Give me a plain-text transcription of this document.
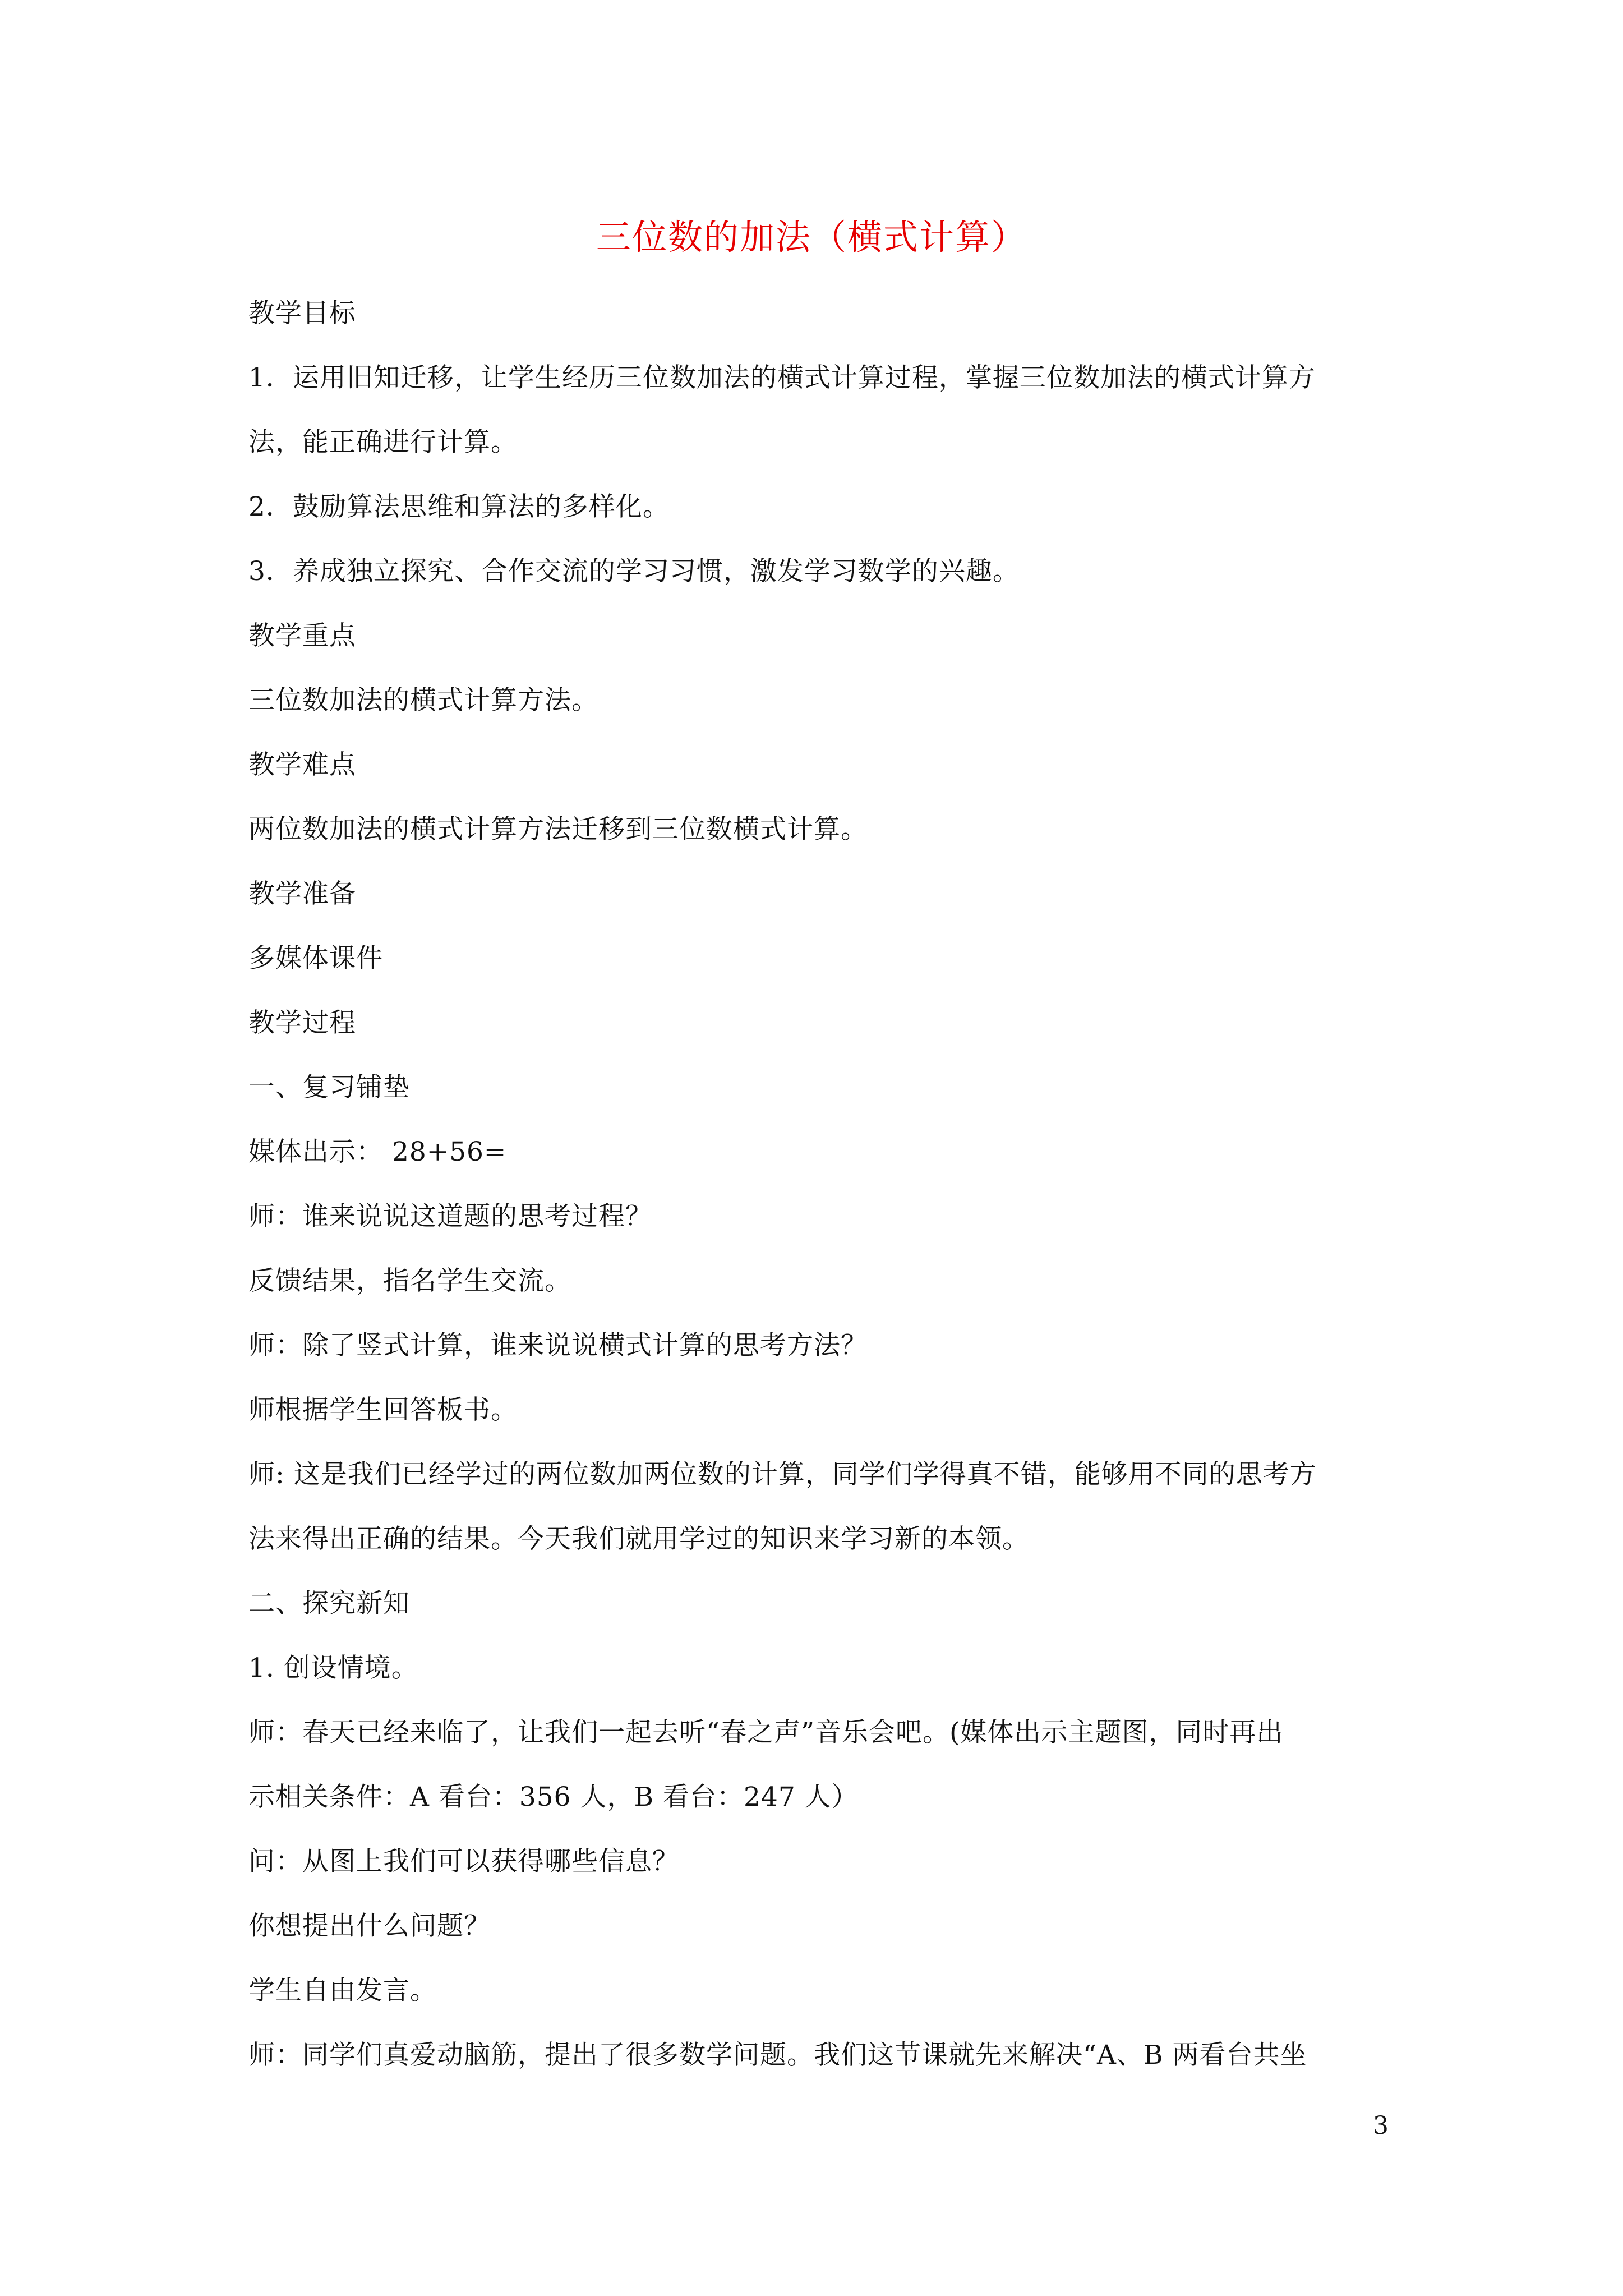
三位数的加法（横式计算）
教学目标
1．运用旧知迁移，让学生经历三位数加法的横式计算过程，掌握三位数加法的横式计算方
法，能正确进行计算。
2．鼓励算法思维和算法的多样化。
3．养成独立探究、合作交流的学习习惯，激发学习数学的兴趣。
教学重点
三位数加法的横式计算方法。
教学难点
两位数加法的横式计算方法迁移到三位数横式计算。
教学准备
多媒体课件
教学过程
一、复习铺垫
媒体出示： 28+56=
师：谁来说说这道题的思考过程？
反馈结果，指名学生交流。
师：除了竖式计算，谁来说说横式计算的思考方法？
师根据学生回答板书。
师: 这是我们已经学过的两位数加两位数的计算，同学们学得真不错，能够用不同的思考方
法来得出正确的结果。今天我们就用学过的知识来学习新的本领。
二、探究新知
1. 创设情境。
师：春天已经来临了，让我们一起去听“春之声”音乐会吧。(媒体出示主题图，同时再出
示相关条件：A 看台：356 人，B 看台：247 人）
问：从图上我们可以获得哪些信息？
你想提出什么问题？
学生自由发言。
师：同学们真爱动脑筋，提出了很多数学问题。我们这节课就先来解决“A、B 两看台共坐
3
